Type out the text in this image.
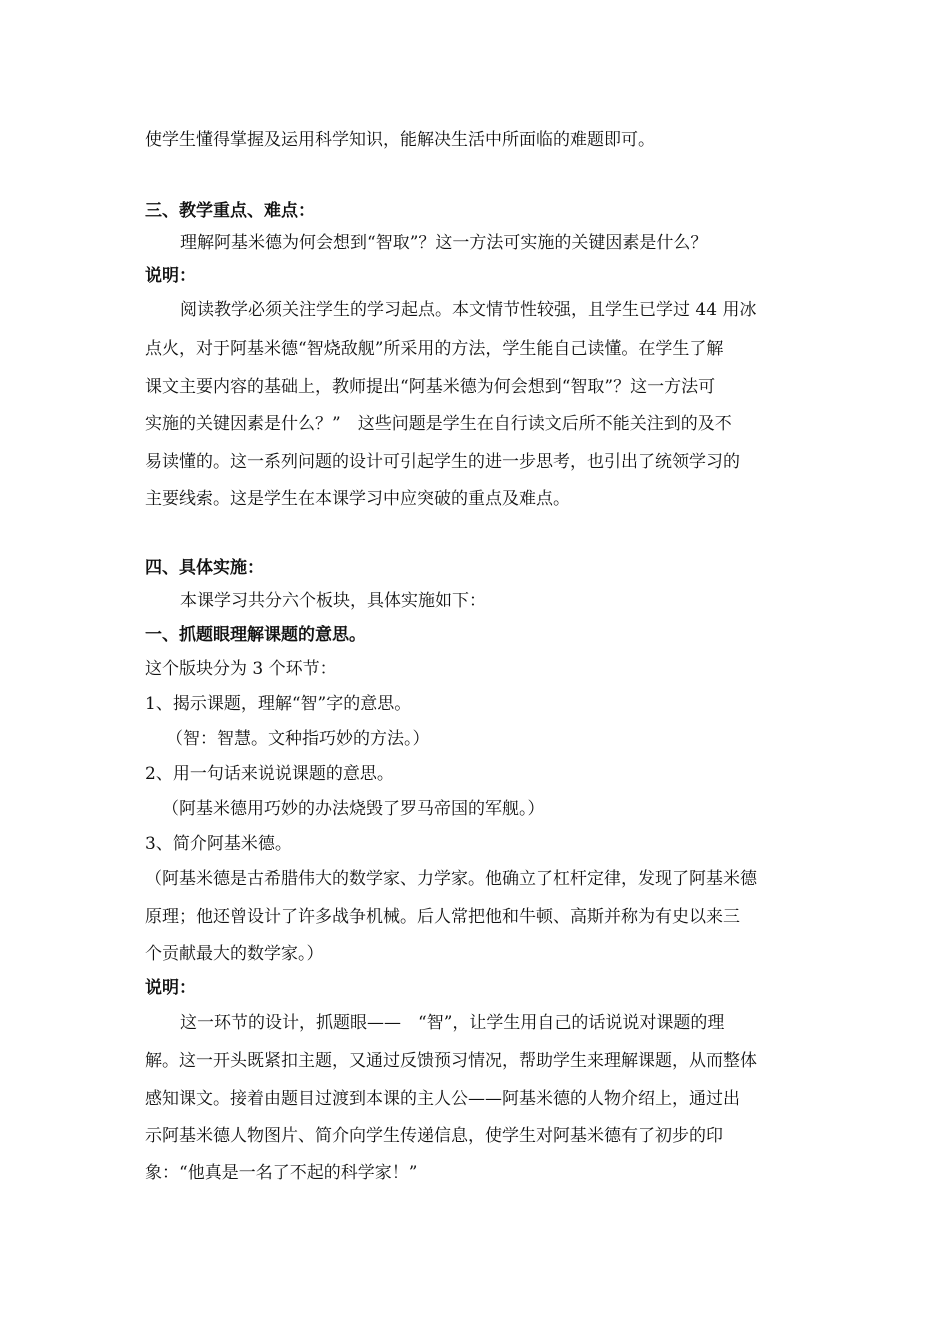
使学生懂得掌握及运用科学知识，能解决生活中所面临的难题即可。
三、教学重点、难点：
理解阿基米德为何会想到“智取”？这一方法可实施的关键因素是什么？
说明：
阅读教学必须关注学生的学习起点。本文情节性较强，且学生已学过 44 用冰
点火，对于阿基米德“智烧敌舰”所采用的方法，学生能自己读懂。在学生了解
课文主要内容的基础上，教师提出“阿基米德为何会想到“智取”？这一方法可
实施的关键因素是什么？”　这些问题是学生在自行读文后所不能关注到的及不
易读懂的。这一系列问题的设计可引起学生的进一步思考，也引出了统领学习的
主要线索。这是学生在本课学习中应突破的重点及难点。
四、具体实施：
本课学习共分六个板块，具体实施如下：
一、抓题眼理解课题的意思。
这个版块分为 3 个环节：
1、揭示课题，理解“智”字的意思。
（智：智慧。文种指巧妙的方法。）
2、用一句话来说说课题的意思。
（阿基米德用巧妙的办法烧毁了罗马帝国的军舰。）
3、简介阿基米德。
（阿基米德是古希腊伟大的数学家、力学家。他确立了杠杆定律，发现了阿基米德
原理；他还曾设计了许多战争机械。后人常把他和牛顿、高斯并称为有史以来三
个贡献最大的数学家。）
说明：
这一环节的设计，抓题眼——　“智”，让学生用自己的话说说对课题的理
解。这一开头既紧扣主题，又通过反馈预习情况，帮助学生来理解课题，从而整体
感知课文。接着由题目过渡到本课的主人公——阿基米德的人物介绍上，通过出
示阿基米德人物图片、简介向学生传递信息，使学生对阿基米德有了初步的印
象：“他真是一名了不起的科学家！”
